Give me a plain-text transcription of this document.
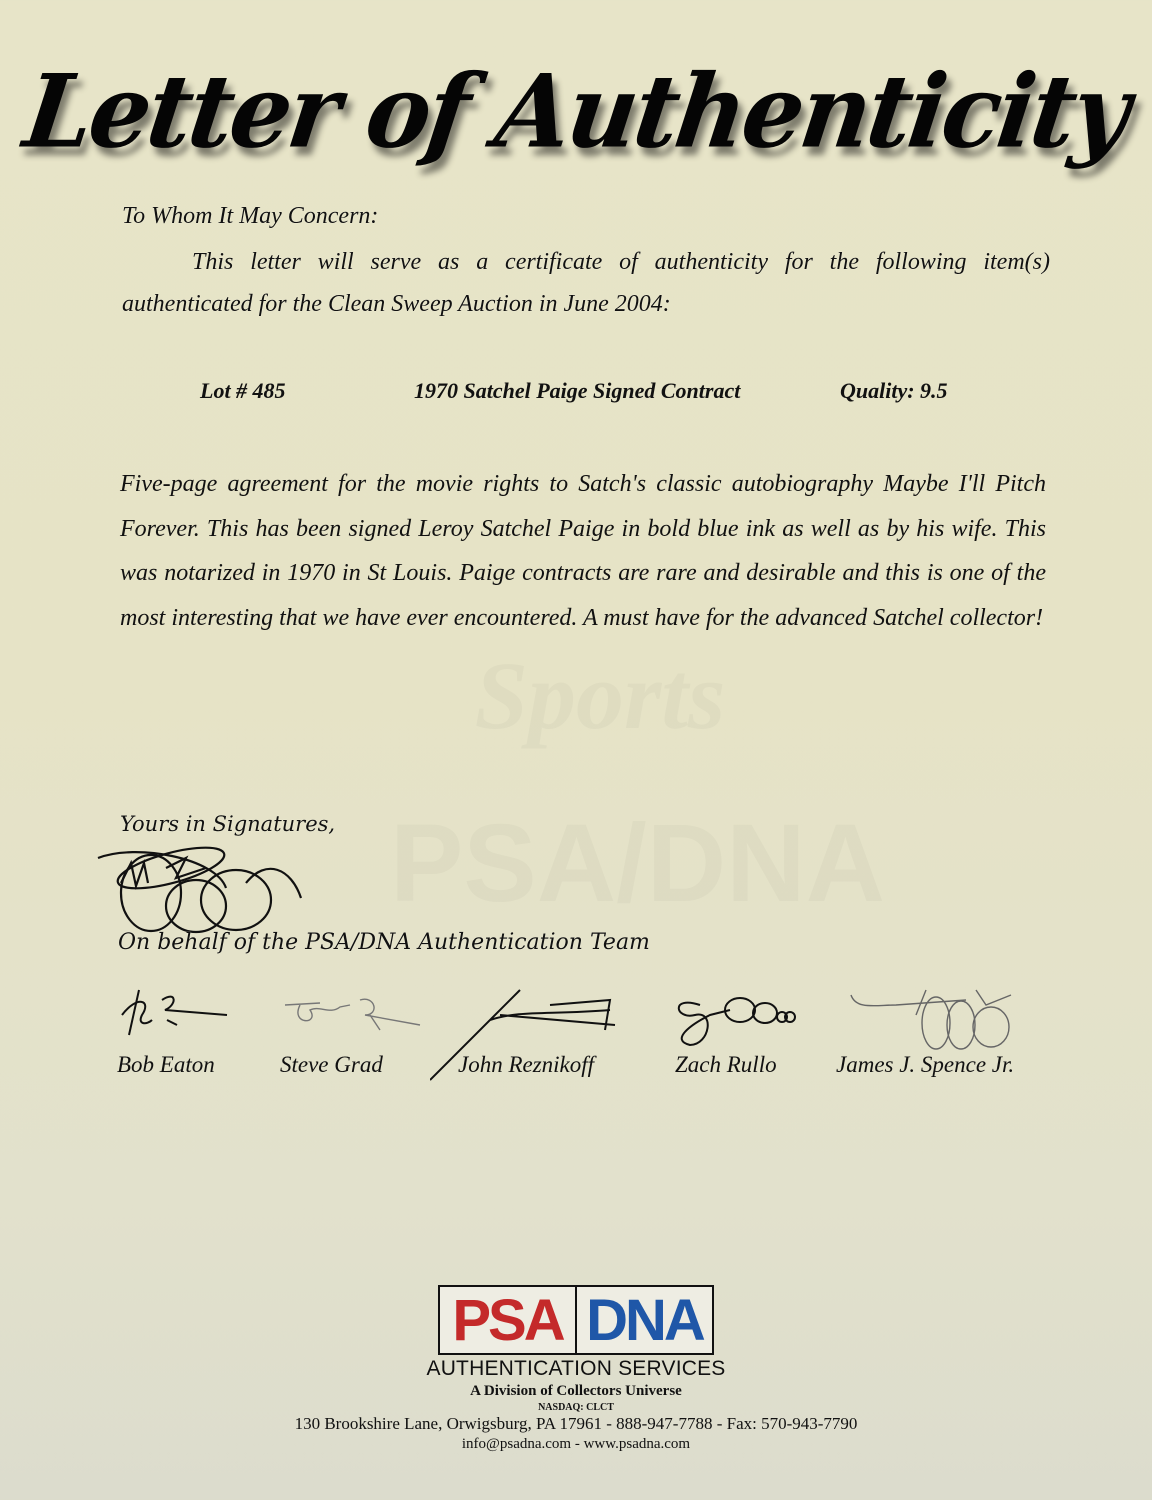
Sports
PSA/DNA
Letter of Authenticity
To Whom It May Concern:
This letter will serve as a certificate of authenticity for the following item(s)
authenticated for the Clean Sweep Auction in June 2004:
Lot # 485	1970 Satchel Paige Signed Contract	Quality: 9.5
Five-page agreement for the movie rights to Satch's classic autobiography Maybe I'll Pitch Forever. This has been signed Leroy Satchel Paige in bold blue ink as well as by his wife. This was notarized in 1970 in St Louis. Paige contracts are rare and desirable and this is one of the most interesting that we have ever encountered. A must have for the advanced Satchel collector!
Yours in Signatures,
On behalf of the PSA/DNA Authentication Team
Bob Eaton	Steve Grad	John Reznikoff	Zach Rullo	James J. Spence Jr.
PSA DNA
AUTHENTICATION SERVICES
A Division of Collectors Universe
NASDAQ: CLCT
130 Brookshire Lane, Orwigsburg, PA 17961 - 888-947-7788 - Fax: 570-943-7790
info@psadna.com - www.psadna.com
